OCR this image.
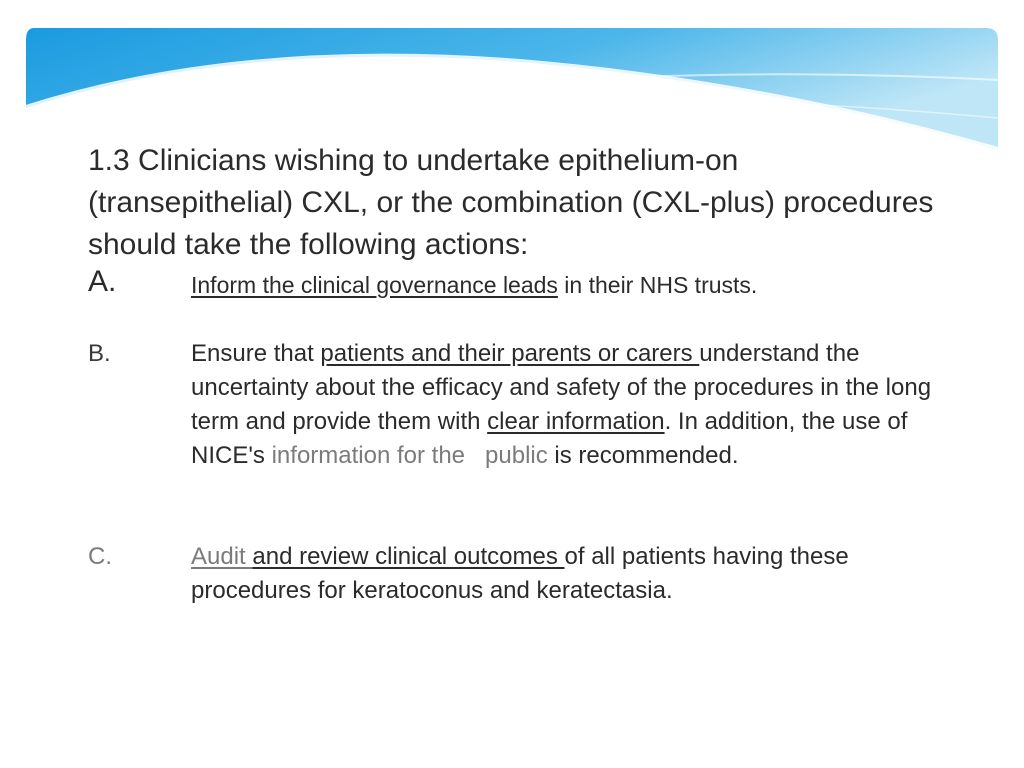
1.3 Clinicians wishing to undertake epithelium-on (transepithelial) CXL, or the combination (CXL-plus) procedures should take the following actions:
A.	Inform the clinical governance leads in their NHS trusts.
B.	Ensure that patients and their parents or carers understand the uncertainty about the efficacy and safety of the procedures in the long term and provide them with clear information. In addition, the use of NICE's information for the   public is recommended.
C.	Audit and review clinical outcomes of all patients having these procedures for keratoconus and keratectasia.
